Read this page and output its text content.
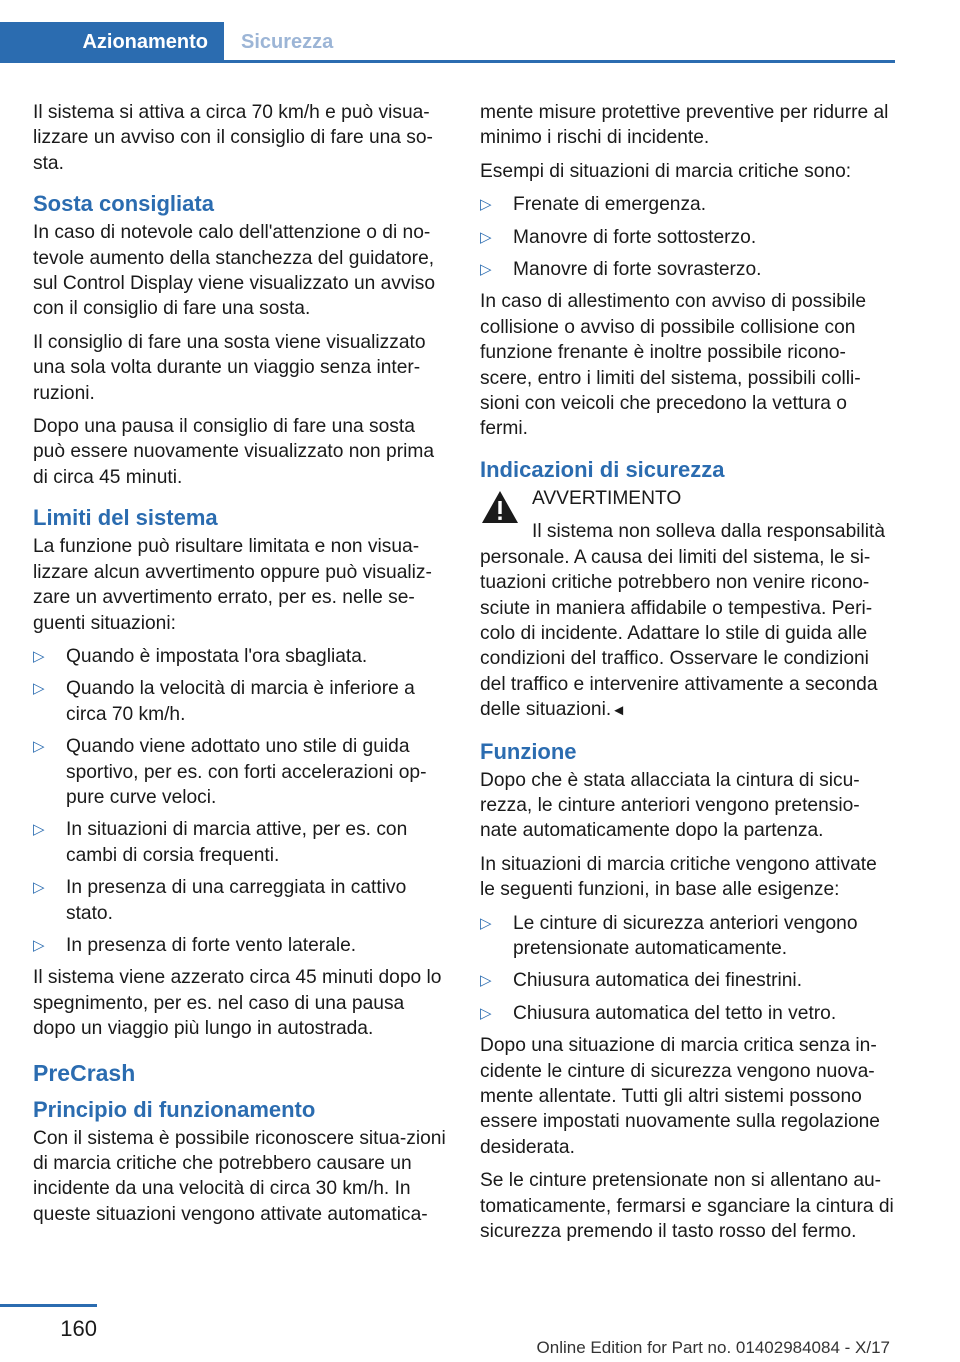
Azionamento	Sicurezza

Il sistema si attiva a circa 70 km/h e può visua-lizzare un avviso con il consiglio di fare una so-sta.

Sosta consigliata

In caso di notevole calo dell'attenzione o di no-tevole aumento della stanchezza del guidatore, sul Control Display viene visualizzato un avviso con il consiglio di fare una sosta.

Il consiglio di fare una sosta viene visualizzato una sola volta durante un viaggio senza inter-ruzioni.

Dopo una pausa il consiglio di fare una sosta può essere nuovamente visualizzato non prima di circa 45 minuti.

Limiti del sistema

La funzione può risultare limitata e non visua-lizzare alcun avvertimento oppure può visualiz-zare un avvertimento errato, per es. nelle se-guenti situazioni:

▷ Quando è impostata l'ora sbagliata.
▷ Quando la velocità di marcia è inferiore a circa 70 km/h.
▷ Quando viene adottato uno stile di guida sportivo, per es. con forti accelerazioni op-pure curve veloci.
▷ In situazioni di marcia attive, per es. con cambi di corsia frequenti.
▷ In presenza di una carreggiata in cattivo stato.
▷ In presenza di forte vento laterale.

Il sistema viene azzerato circa 45 minuti dopo lo spegnimento, per es. nel caso di una pausa dopo un viaggio più lungo in autostrada.

PreCrash
Principio di funzionamento

Con il sistema è possibile riconoscere situa-zioni di marcia critiche che potrebbero causare un incidente da una velocità di circa 30 km/h. In queste situazioni vengono attivate automatica-

mente misure protettive preventive per ridurre al minimo i rischi di incidente.

Esempi di situazioni di marcia critiche sono:

▷ Frenate di emergenza.
▷ Manovre di forte sottosterzo.
▷ Manovre di forte sovrasterzo.

In caso di allestimento con avviso di possibile collisione o avviso di possibile collisione con funzione frenante è inoltre possibile ricono-scere, entro i limiti del sistema, possibili colli-sioni con veicoli che precedono la vettura o fermi.

Indicazioni di sicurezza

AVVERTIMENTO

Il sistema non solleva dalla responsabilità personale. A causa dei limiti del sistema, le si-tuazioni critiche potrebbero non venire ricono-sciute in maniera affidabile o tempestiva. Peri-colo di incidente. Adattare lo stile di guida alle condizioni del traffico. Osservare le condizioni del traffico e intervenire attivamente a seconda delle situazioni.◄

Funzione

Dopo che è stata allacciata la cintura di sicu-rezza, le cinture anteriori vengono pretensio-nate automaticamente dopo la partenza.

In situazioni di marcia critiche vengono attivate le seguenti funzioni, in base alle esigenze:

▷ Le cinture di sicurezza anteriori vengono pretensionate automaticamente.
▷ Chiusura automatica dei finestrini.
▷ Chiusura automatica del tetto in vetro.

Dopo una situazione di marcia critica senza in-cidente le cinture di sicurezza vengono nuova-mente allentate. Tutti gli altri sistemi possono essere impostati nuovamente sulla regolazione desiderata.

Se le cinture pretensionate non si allentano au-tomaticamente, fermarsi e sganciare la cintura di sicurezza premendo il tasto rosso del fermo.

160
Online Edition for Part no. 01402984084 - X/17
